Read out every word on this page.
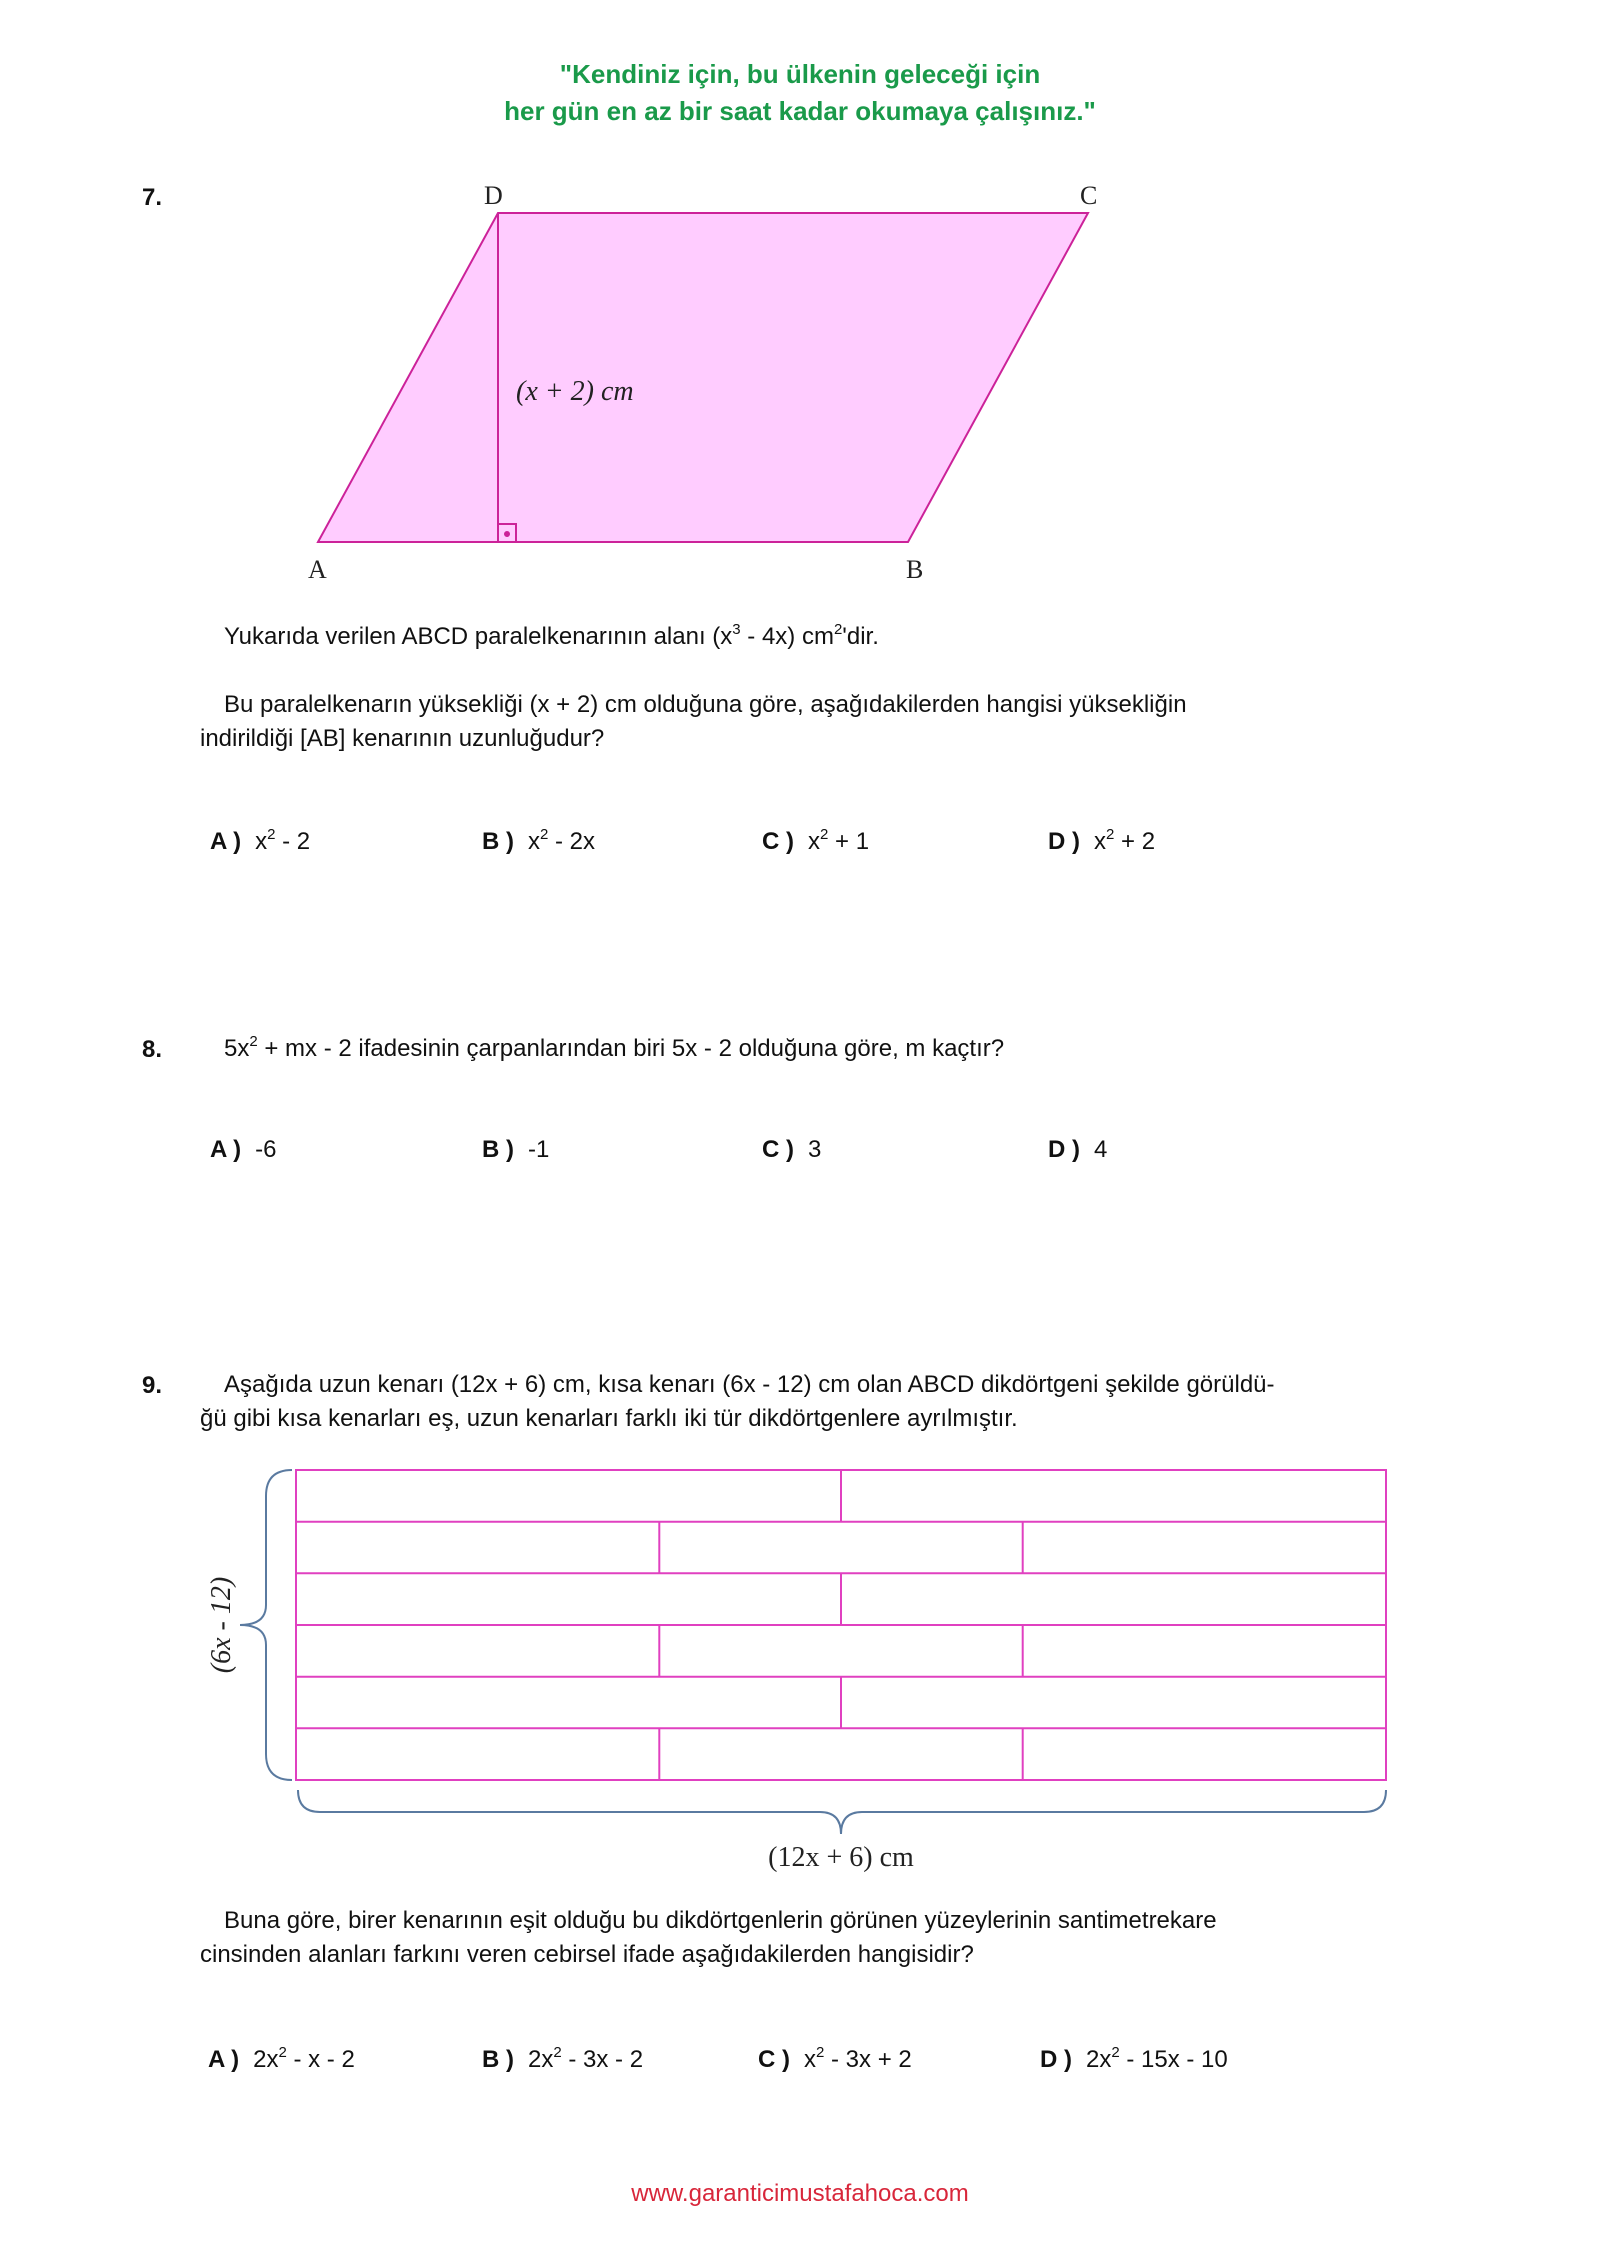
"Kendiniz için, bu ülkenin geleceği için
her gün en az bir saat kadar okumaya çalışınız."
7.	D	C
A	B
(x + 2) cm
Yukarıda verilen ABCD paralelkenarının alanı $(x^3 - 4x)$ $cm^2'dir$.
Bu paralelkenarın yüksekliği (x + 2) cm olduğuna göre, aşağıdakilerden hangisi yüksekliğin
indirildiği [AB] kenarının uzunluğudur?
A ) $x^2 - 2$	B ) $x^2 - 2x$	C ) $x^2 + 1$	D ) $x^2 + 2$
8.	$5x^2$ + mx - 2 ifadesinin çarpanlarından biri 5x - 2 olduğuna göre, m kaçtır?
A ) -6	B ) -1	C ) 3	D ) 4
9.	Aşağıda uzun kenarı (12x + 6) cm, kısa kenarı (6x - 12) cm olan ABCD dikdörtgeni şekilde görüldü-
ğü gibi kısa kenarları eş, uzun kenarları farklı iki tür dikdörtgenlere ayrılmıştır.
(6x - 12)
(12x + 6) cm
Buna göre, birer kenarının eşit olduğu bu dikdörtgenlerin görünen yüzeylerinin santimetrekare
cinsinden alanları farkını veren cebirsel ifade aşağıdakilerden hangisidir?
A ) $2x^2$ - x - 2	B ) $2x^2 - 3x - 2$	C ) $x^2 - 3x + 2$	D ) $2x^2 - 15x - 10$
www.garanticimustafahoca.com
